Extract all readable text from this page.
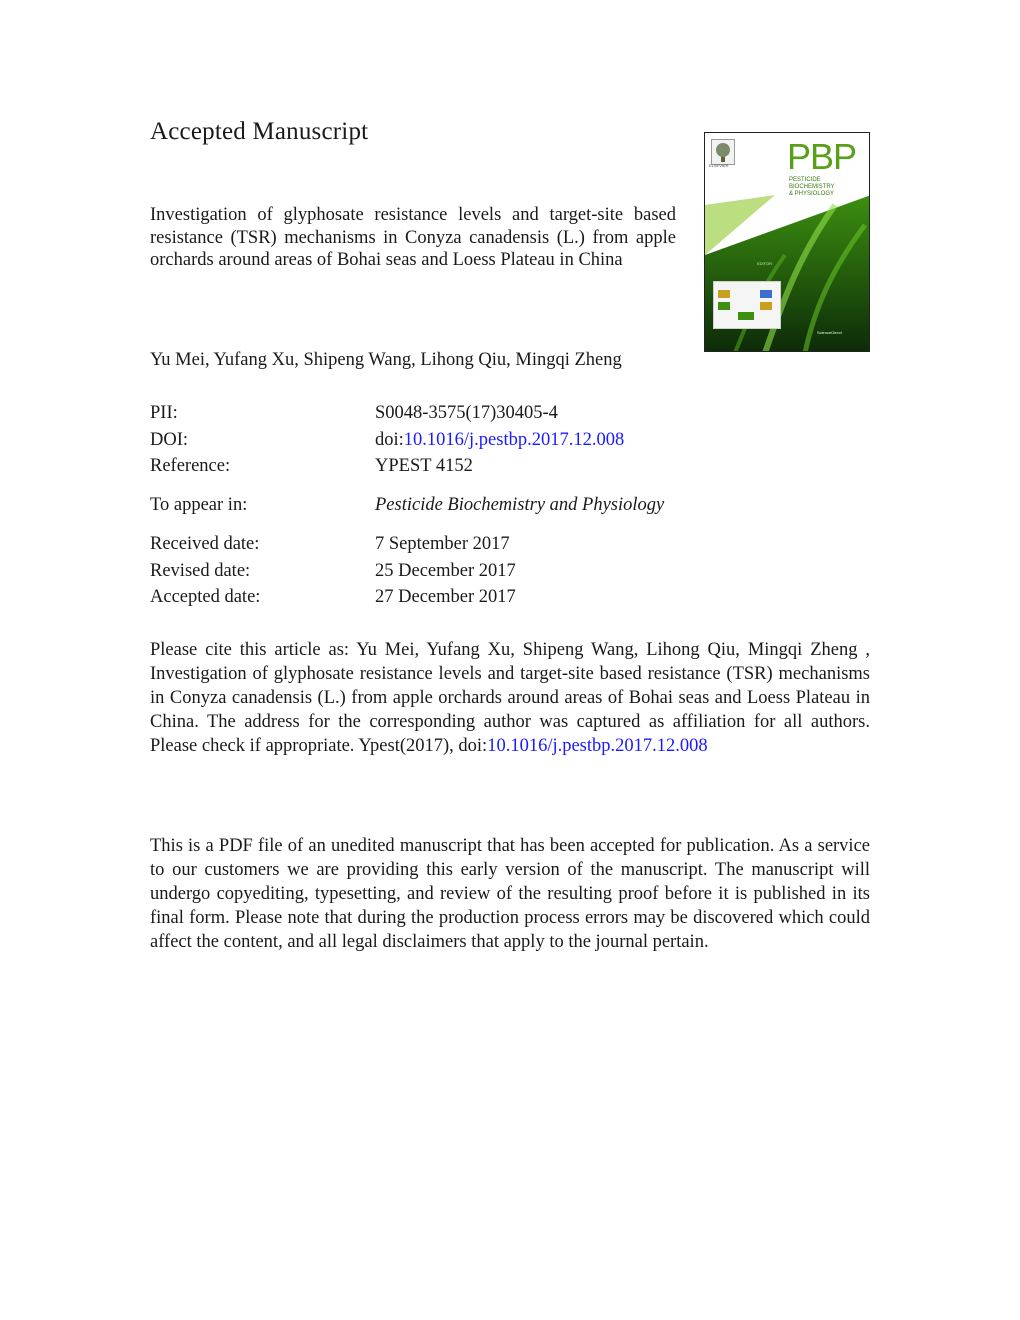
Accepted Manuscript
Investigation of glyphosate resistance levels and target-site based resistance (TSR) mechanisms in Conyza canadensis (L.) from apple orchards around areas of Bohai seas and Loess Plateau in China
Yu Mei, Yufang Xu, Shipeng Wang, Lihong Qiu, Mingqi Zheng
PII:	S0048-3575(17)30405-4
DOI:	doi:10.1016/j.pestbp.2017.12.008
Reference:	YPEST 4152
To appear in:	Pesticide Biochemistry and Physiology
Received date:	7 September 2017
Revised date:	25 December 2017
Accepted date:	27 December 2017
Please cite this article as: Yu Mei, Yufang Xu, Shipeng Wang, Lihong Qiu, Mingqi Zheng , Investigation of glyphosate resistance levels and target-site based resistance (TSR) mechanisms in Conyza canadensis (L.) from apple orchards around areas of Bohai seas and Loess Plateau in China. The address for the corresponding author was captured as affiliation for all authors. Please check if appropriate. Ypest(2017), doi:10.1016/j.pestbp.2017.12.008
This is a PDF file of an unedited manuscript that has been accepted for publication. As a service to our customers we are providing this early version of the manuscript. The manuscript will undergo copyediting, typesetting, and review of the resulting proof before it is published in its final form. Please note that during the production process errors may be discovered which could affect the content, and all legal disclaimers that apply to the journal pertain.
ELSEVIER PBP
PESTICIDE
BIOCHEMISTRY
& PHYSIOLOGY
EDITOR
ScienceDirect
